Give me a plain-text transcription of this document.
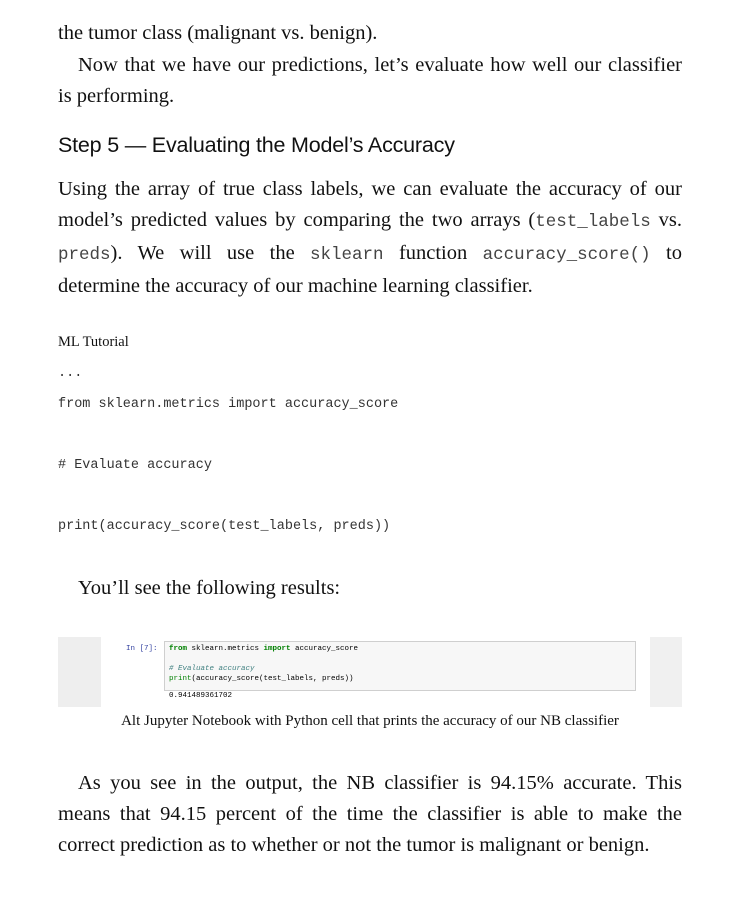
the tumor class (malignant vs. benign).

Now that we have our predictions, let’s evaluate how well our classifier is performing.

Step 5 — Evaluating the Model’s Accuracy

Using the array of true class labels, we can evaluate the accuracy of our model’s predicted values by comparing the two arrays (test_labels vs. preds). We will use the sklearn function accuracy_score() to determine the accuracy of our machine learning classifier.

ML Tutorial
...
from sklearn.metrics import accuracy_score
# Evaluate accuracy
print(accuracy_score(test_labels, preds))

You’ll see the following results:

In [7]: from sklearn.metrics import accuracy_score
# Evaluate accuracy
print(accuracy_score(test_labels, preds))
0.941489361702
Alt Jupyter Notebook with Python cell that prints the accuracy of our NB classifier

As you see in the output, the NB classifier is 94.15% accurate. This means that 94.15 percent of the time the classifier is able to make the correct prediction as to whether or not the tumor is malignant or benign.
